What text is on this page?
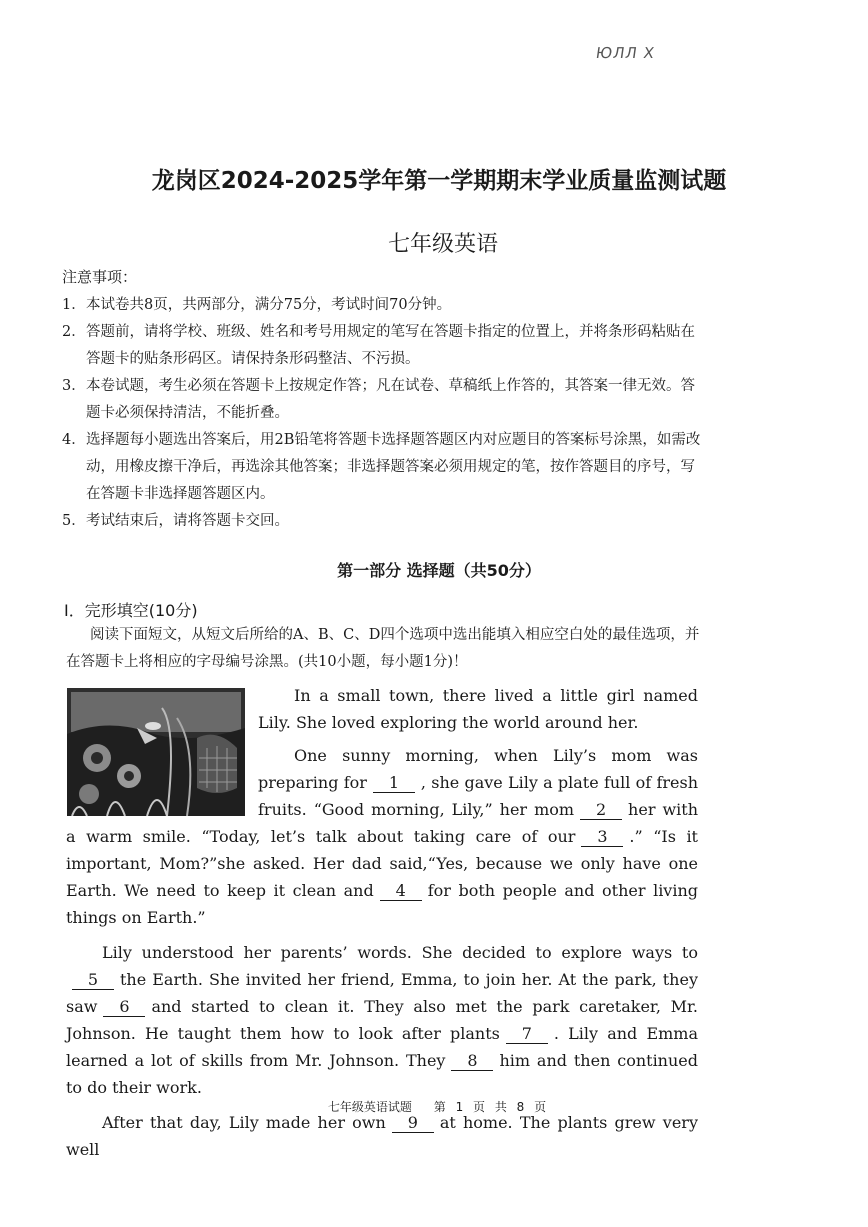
ЮЛЛ Х
龙岗区2024-2025学年第一学期期末学业质量监测试题
七年级英语
注意事项：
1．本试卷共8页，共两部分，满分75分，考试时间70分钟。
2．答题前，请将学校、班级、姓名和考号用规定的笔写在答题卡指定的位置上，并将条形码粘贴在答题卡的贴条形码区。请保持条形码整洁、不污损。
3．本卷试题，考生必须在答题卡上按规定作答；凡在试卷、草稿纸上作答的，其答案一律无效。答题卡必须保持清洁，不能折叠。
4．选择题每小题选出答案后，用2B铅笔将答题卡选择题答题区内对应题目的答案标号涂黑，如需改动，用橡皮擦干净后，再选涂其他答案；非选择题答案必须用规定的笔，按作答题目的序号，写在答题卡非选择题答题区内。
5．考试结束后，请将答题卡交回。
第一部分 选择题（共50分）
I．完形填空(10分)

阅读下面短文，从短文后所给的A、B、C、D四个选项中选出能填入相应空白处的最佳选项，并在答题卡上将相应的字母编号涂黑。(共10小题，每小题1分)！

In a small town, there lived a little girl named Lily. She loved exploring the world around her.

One sunny morning, when Lily’s mom was preparing for 1 , she gave Lily a plate full of fresh fruits. “Good morning, Lily,” her mom 2 her with a warm smile. “Today, let’s talk about taking care of our 3 .” “Is it important, Mom?”she asked. Her dad said,“Yes, because we only have one Earth. We need to keep it clean and 4 for both people and other living things on Earth.”

Lily understood her parents’ words. She decided to explore ways to5 the Earth. She invited her friend, Emma, to join her. At the park, they saw 6 and started to clean it. They also met the park caretaker, Mr. Johnson. He taught them how to look after plants 7 . Lily and Emma learned a lot of skills from Mr. Johnson. They 8 him and then continued to do their work.

After that day, Lily made her own 9 at home. The plants grew very well

七年级英语试题 第 1 页 共 8 页
